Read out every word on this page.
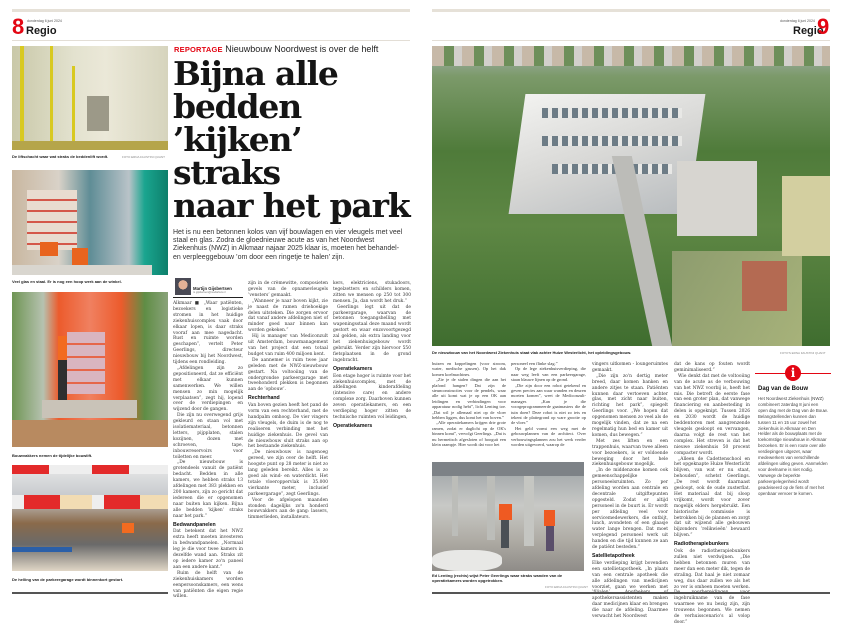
8 donderdag 6 juni 2024
Regio
donderdag 6 juni 2024
Regio
9
De liftschacht waar wat straks de beddenlift wordt.	FOTO ERNA FAUSTINI QUANT
Veel glas en staal. Er is nog een hoop werk aan de winkel.
Bouwvakkers nemen de tijdelijke bouwlift.
De helling van de parkeergarage wordt binnenkort gestort.
REPORTAGE Nieuwbouw Noordwest is over de helft
Bijna alle
bedden
’kijken’ straks
naar het park
Het is nu een betonnen kolos van vijf bouwlagen en vier vleugels met veel staal en glas. Zodra de gloednieuwe acute as van het Noordwest Ziekenhuis (NWZ) in Alkmaar najaar 2025 klaar is, moeten het behandel- en verpleeggebouw ’om door een ringetje te halen’ zijn.
Martijn Gijsbertsen
m.gijsbertsen@mediahuis.nl

Alkmaar ■ „Waar patiënten, bezoekers en logistieke stromen in het huidige ziekenhuiscomplex vaak door elkaar lopen, is daar straks vooraf aan mee nagedacht. Rust en ruimte worden geschapen”, vertelt Peter Geerlings, directeur nieuwbouw bij het Noordwest, tijdens een rondleiding.

„Afdelingen zijn zo gepositioneerd, dat ze efficiënt met elkaar kunnen samenwerken. We willen mensen zo min mogelijk verplaatsen”, zegt hij, lopend over de verdiepingen en wijzend door de gangen.

Die zijn nu overwegend grijs gekleurd en staan vol met isolatiemateriaal, betonnen letters, pijpplaten, stalen kozijnen, dozen met schroeven, tape, inbouwreservoirs voor toiletten en meer.

„De nieuwbouw is grotendeels vanuit de patiënt bedacht. Bedden in alle kamers, we hebben straks 13 afdelingen met 383 plekken en 200 kamers, zijn zo gericht dat iedereen die er opgenomen naar buiten kan kijken. Bijna alle bedden ’kijken’ straks naar het park.”

Bedwandpanelen

Dat betekent dat het NWZ extra heeft moeten investeren in bedwandpanelen. „Normaal leg je die voor twee kamers in dezelfde wand aan. Straks zit op iedere kamer zo'n paneel aan een andere kant.”

Ruim de helft van de ziekenhuiskamers worden eenpersoonskamers, een wens van patiënten die eigen regie willen.

zijn in de crèmewitte, composieten gevels van de opnamevleugels ’vensters’ gemaakt.

„Wanneer je naar boven kijkt, zie je naast de ramen driehoekige delen uitsteken. Die zorgen ervoor dat vanaf andere afdelingen niet of minder goed naar binnen kan worden gekeken.”

Hij is manager van Mediconzult uit Amsterdam, bouwmanagement van het project dat een totaal budget van ruim 400 miljoen kent.

De aannemer is ruim twee jaar geleden met de NWZ-nieuwbouw gestart. Na voltooiing van de ondergrondse parkeergarage met tweehonderd plekken is begonnen aan de ’opbouw’.

Rechterhand

Van boven gezien heeft het pand de vorm van een rechterhand, met de handpalm omhoog. De vier vingers zijn vleugels, de duim is de nog te realiseren verbinding met het huidige ziekenhuis. De gevel van de nieuwbouw sluit straks aan op het bestaande ziekenhuis.

„De nieuwbouw is nagenoeg gereed, we zijn over de helft. Het hoogste punt op 28 meter is niet zo lang geleden bereikt. Alles is zo goed als wind- en waterdicht. Het totale vloeroppervlak is 35.000 vierkante meter, inclusief parkeergarage”, zegt Geerlings.

Voor de afgelopen maanden stonden dagelijks zo'n honderd bouwvakkers aan de gang: lassers, timmerlieden, installateurs.

kers, elektriciens, stukadoors, tegelzetters en schilders komen, zitten we mensen op 250 tot 300 mensen. Ja, dan wordt het druk.”

Geerlings legt uit dat de parkeergarage, waarvan de betonnen toegangshelling met wapeningsstaal deze maand wordt gestort en waar enzovoortgezegd zal gelden, als extra landing voor het ziekenhuisgebouw wordt gebruikt. Verder zijn hiervoor 550 fietsplaatsen in de grond ingebracht.

Operatiekamers

Een etage hoger is ruimte voor het ziekenhuiscomplex, met de afdelingen kinderafdeling (intensive care) en andere complexe zorg. Daarboven kunnen zeven operatiekamers, en een verdieping hoger zitten de technische ruimten vol leidingen,

Operatiekamers
De nieuwbouw van het Noordwest Ziekenhuis staat vlak achter Huize Westerlicht, het opleidingsgebouw.	FOTO'S ERNA FAUSTINI QUANT

buizen en koppelingen (voor stroom, water, medische gassen). Op het dak komen koelmachines.

„Zie je de stalen dingen die aan het plafond hangen? Dat zijn de steunconstructies voor de pendels, waar alle uit komt wat je op een OK aan leidingen en verbindingen voor apparatuur nodig hebt”, licht Lenting toe. „Dat wil je allemaal niet op de vloer hebben liggen, dus komt het van boven.”

„Alle operatiekamers krijgen drie grote ramen, zodat er daglicht op de OK's binnen komt”, vervolgt Geerlings. „Dat is nu hermetisch afgesloten of hooguit een klein raampje. Hier wordt dat voor het

personeel een flinke slag.”

Op de lege ziekenhuisverdieping, die naar weg leeft van een parkeergarage, staan blauwe lijnen op de grond.

„Die zijn door een robot getekend en geven precies aan waar wanden en deuren moeten komen”, weet de Mediconzult-manager. „Kan je die voorgeprogrammeerde gaatmasters die de tuin doen? Deze robot is niet zo iets en tekent de plattegrond op ware grootte op de vloer.”

Het geld vormt een weg met de gebouwplannen van de architect. Over verbouwingsplannen zou het werk verder worden uitgevoerd, waarop de

Ed Lenting (rechts) wijst Peter Geerlings waar straks wanden van de operatiekamers worden opgetrokken.
FOTO ERNA FAUSTINI QUANT

vingers uitkomen - loungeruimtes gemaakt.

„Die zijn zo'n dertig meter breed, daar komen banken en andere zitjes te staan. Patiënten kunnen daar vertoeven achter glas, met zicht naar buiten, richting het park”, spiegelt Geerlings voor. „We hopen dat opgenomen mensen zo veel als de mogelijk vinden, dat ze na een regelmatig hun bed en kamer uit komen, dus bewegen.”

Met zes liften en een trappenhuis, waarvan twee alleen voor bezoekers, is er voldoende beweging door het hele ziekenhuisgebouw mogelijk.

„In de middenzone komen ook gemeenschappelijke personeelsruimten. Zo per afdeling worden aan centrale en decentrale uitgiftepunten opgesteld. Zodat er altijd personeel in de buurt is. Er wordt per afdeling veel voor servicemedewerkers, die ontbijt, lunch, avondeten of een glaasje water lange brengen. Dat moet verplegend personeel werk uit handen en die tijd kunnen ze aan de patiënt besteden.”

Satellietapotheek

Elke verdieping krijgt bovendien een satellietapotheek. „In plaats van een centrale apotheek die alle afdelingen van medicijnen voorziet, gaan we werken met apothekersassistenten maken daar medicijnen klaar en brengen die naar de afdeling. Daarmee verwacht het Noordwest

dat de kans op fouten wordt geminimaliseerd.”

Wie denkt dat met de voltooiing van de acute as de verbouwing van het NWZ voorbij is, heeft het mis. Die betreft de eerste fase van een groter plan, dat vanwege financiering en aanbesteding in delen is opgeknipt. Tussen 2026 en 2030 wordt de huidige beddentoren met aangrenzende vleugels gesloopt en vervangen, daarna volgt de rest van het complex. Het streven is dat het nieuwe ziekenhuis 50 procent compacter wordt.

„Alleen de Cadettenschool en het opgeknapte Huize Westerlicht blijven, van wat er nu staat, behouden”, schetst Geerlings. „De rest wordt daarnaast gesloopt, ook de oude zusterflat. Het materiaal dat bij sloop vrijkomt, wordt voor zover mogelijk elders hergebruikt. Een historische commissie is betrokken bij de plannen en zorgt dat uit wijzend alle gebouwen bijzonders ’relikwieën’ bewaard blijven.”

Radiotherapiebunkers

Ook de radiotherapiebunkers zullen niet verdwijnen. „Die hebben betonnen muren van meer dan een meter dik, tegen de straling. Dat haal je niet zomaar weg, dus daar zullen we als het zo ver is omheen moeten werken. ingebruikname van de fase waarmee we nu bezig zijn, zijn trouwens begonnen. We nemen de verhuisscenario's al volop door.”

i
Dag van de Bouw
Het Noordwest Ziekenhuis (NWZ) combineert zaterdag 8 juni een open dag met de Dag van de Bouw. Belangstellenden kunnen dan tussen 11 en 15 uur zowel het ziekenhuis in Alkmaar en Den Helder als de bouwplaats met de toekomstige nieuwbouw in Alkmaar bezoeken. Er is een route over alle verdiepingen uitgezet, waar medewerkers van verschillende afdelingen uitleg geven. Aanmelden voor deelname is niet nodig. Vanwege de beperkte parkeergelegenheid wordt geadviseerd op de fiets of met het openbaar vervoer te komen.
